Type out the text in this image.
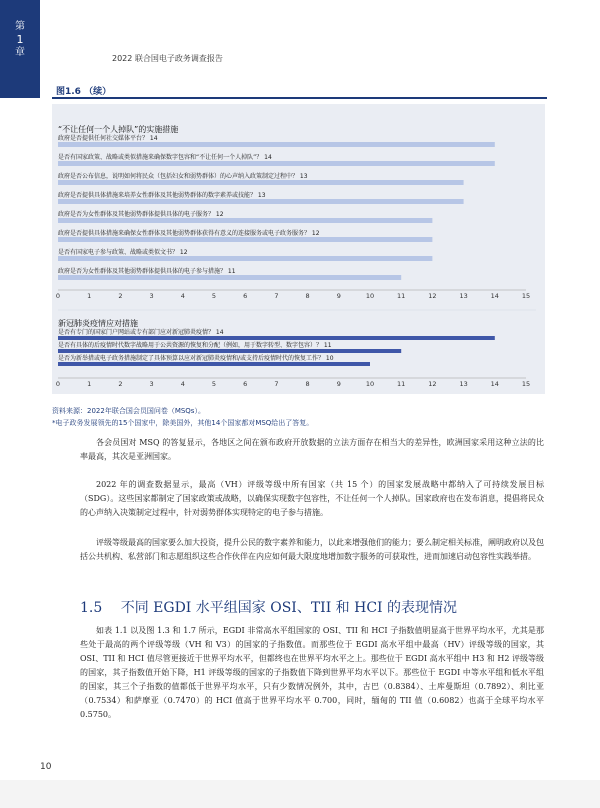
第
1
章
2022 联合国电子政务调查报告
图1.6 （续）
“不让任何一个人掉队”的实施措施
政府是否提供任何社交媒体平台？ 14
是否有国家政策、战略或类似措施来确保数字包容和“不让任何一个人掉队”？ 14
政府是否公布信息，说明如何将民众（包括妇女和弱势群体）的心声纳入政策制定过程中？ 13
政府是否提供具体措施来培养女性群体及其他弱势群体的数字素养或技能？ 13
政府是否为女性群体及其他弱势群体提供具体的电子服务？ 12
政府是否提供具体措施来确保女性群体及其他弱势群体获得有意义的连接服务或电子政务服务？ 12
是否有国家电子参与政策、战略或类似文书？ 12
政府是否为女性群体及其他弱势群体提供具体的电子参与措施？ 11
0	1	2	3	4	5	6	7	8	9	10	11	12	13	14	15
新冠肺炎疫情应对措施
是否有专门的国家门户网站或专有部门应对新冠肺炎疫情？ 14
是否有具体的后疫情时代数字战略用于公共资源的恢复和分配（例如，用于数字转型、数字包容）？ 11
是否为新举措或电子政务措施制定了具体预算以应对新冠肺炎疫情和/或支持后疫情时代的恢复工作？ 10
0	1	2	3	4	5	6	7	8	9	10	11	12	13	14	15
资料来源：2022年联合国会员国问卷（MSQs）。
*电子政务发展领先的15个国家中，除美国外，其他14个国家都对MSQ给出了答复。

各会员国对 MSQ 的答复显示，各地区之间在颁布政府开放数据的立法方面存在相当大的差异性，欧洲国家采用这种立法的比率最高，其次是亚洲国家。

2022 年的调查数据显示，最高（VH）评级等级中所有国家（共 15 个）的国家发展战略中都纳入了可持续发展目标（SDG）。这些国家都制定了国家政策或战略，以确保实现数字包容性，不让任何一个人掉队。国家政府也在发布消息，提倡将民众的心声纳入决策制定过程中，针对弱势群体实现特定的电子参与措施。

评级等级最高的国家要么加大投资，提升公民的数字素养和能力，以此来增强他们的能力；要么制定相关标准，阐明政府以及包括公共机构、私营部门和志愿组织这些合作伙伴在内应如何最大限度地增加数字服务的可获取性，进而加速启动包容性实践举措。

1.5 不同 EGDI 水平组国家 OSI、TII 和 HCI 的表现情况

如表 1.1 以及图 1.3 和 1.7 所示，EGDI 非常高水平组国家的 OSI、TII 和 HCI 子指数值明显高于世界平均水平，尤其是那些处于最高的两个评级等级（VH 和 V3）的国家的子指数值。而那些位于 EGDI 高水平组中最高（HV）评级等级的国家，其 OSI、TII 和 HCI 值尽管更接近于世界平均水平，但都终也在世界平均水平之上。那些位于 EGDI 高水平组中 H3 和 H2 评级等级的国家，其子指数值开始下降，H1 评级等级的国家的子指数值下降到世界平均水平以下。那些位于 EGDI 中等水平组和低水平组的国家，其三个子指数的值都低于世界平均水平，只有少数情况例外，其中，古巴（0.8384）、土库曼斯坦（0.7892）、利比亚（0.7534）和萨摩亚（0.7470）的 HCI 值高于世界平均水平 0.700，同时，缅甸的 TII 值（0.6082）也高于全球平均水平 0.5750。

10
